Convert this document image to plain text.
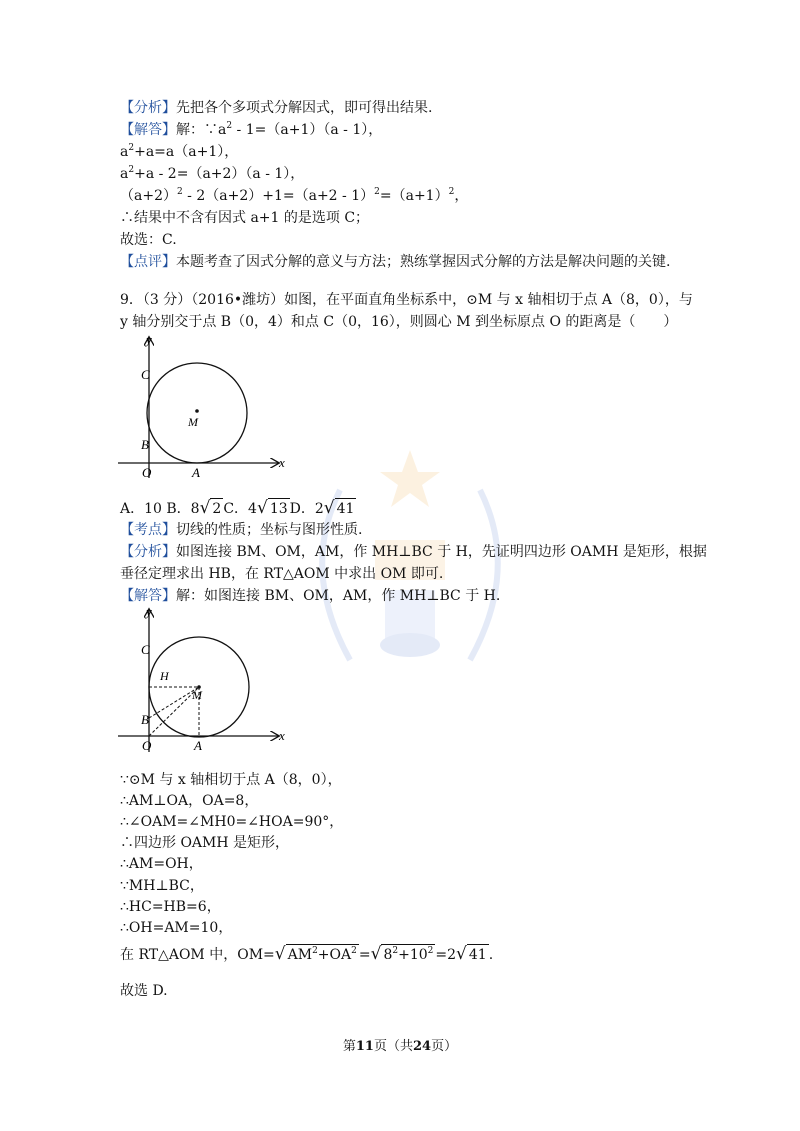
【分析】先把各个多项式分解因式，即可得出结果.
【解答】解：$\because a^2 - 1=(a+1)(a - 1)$，
$a^2+a=a(a+1)$，
$a^2+a - 2=(a+2)(a - 1)$，
$(a+2)^2 - 2(a+2)+1=(a+2 - 1)^2=(a+1)^2$，
∴结果中不含有因式 a+1 的是选项 C；
故选：C.
【点评】本题考查了因式分解的意义与方法；熟练掌握因式分解的方法是解决问题的关键.
9．（3 分）（2016•潍坊）如图，在平面直角坐标系中，⊙M 与 x 轴相切于点 A（8，0），与
y 轴分别交于点 B（0，4）和点 C（0，16），则圆心 M 到坐标原点 O 的距离是（　　）
y
x
C
B
O	A
M
A．10 B．8√ 2 C．4√ 13 D．2√ 41
【考点】切线的性质；坐标与图形性质.
【分析】如图连接 BM、OM，AM，作 MH⊥BC 于 H，先证明四边形 OAMH 是矩形，根据
垂径定理求出 HB，在 RT△AOM 中求出 OM 即可.
【解答】解：如图连接 BM、OM，AM，作 MH⊥BC 于 H.
y
x
C
H
B
O	A
M
∵⊙M 与 x 轴相切于点 A（8，0），
∴AM⊥OA，OA=8，
∴∠OAM=∠MH0=∠HOA=90°，
∴四边形 OAMH 是矩形，
∴AM=OH，
∵MH⊥BC，
∴HC=HB=6，
∴OH=AM=10，
在 RT△AOM 中，OM=√ $AM^2+OA^2$ =√ $8^2+10^2 =2√$ 41 .
故选 D.
第11页（共24页）
